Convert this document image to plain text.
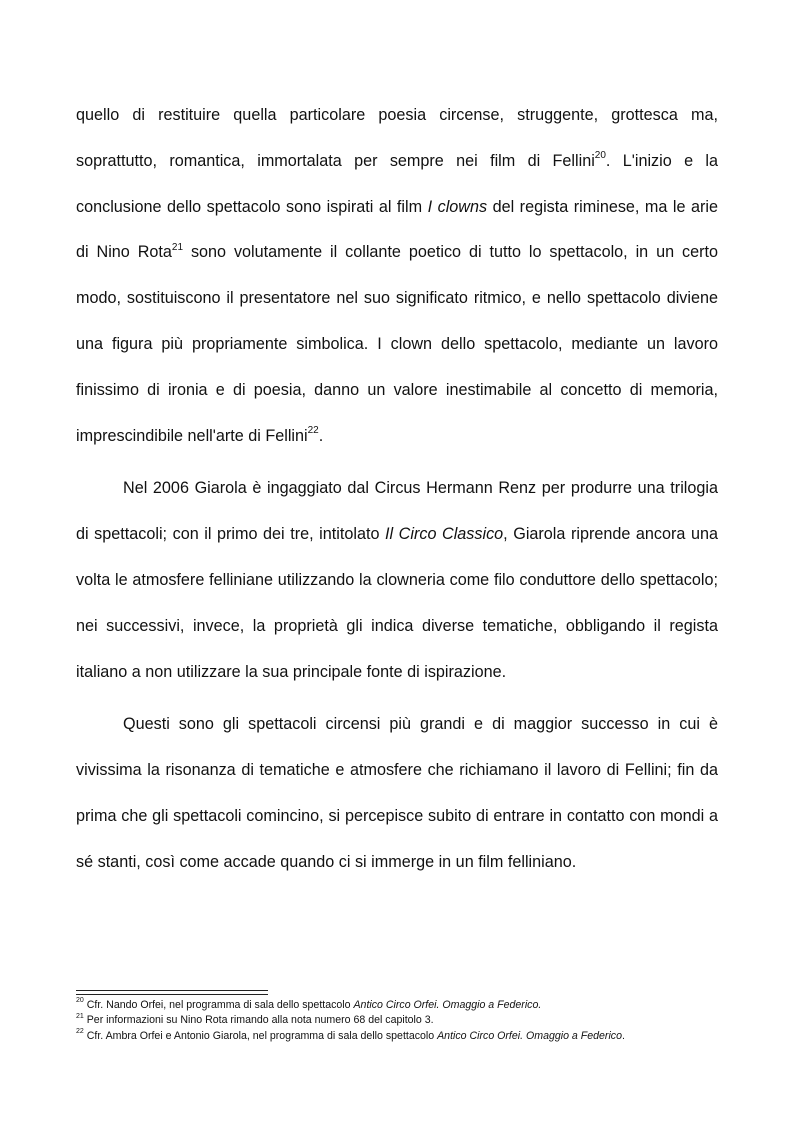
quello di restituire quella particolare poesia circense, struggente, grottesca ma, soprattutto, romantica, immortalata per sempre nei film di Fellini$^{20}$. L'inizio e la conclusione dello spettacolo sono ispirati al film I clowns del regista riminese, ma le arie di Nino Rota$^{21}$ sono volutamente il collante poetico di tutto lo spettacolo, in un certo modo, sostituiscono il presentatore nel suo significato ritmico, e nello spettacolo diviene una figura più propriamente simbolica. I clown dello spettacolo, mediante un lavoro finissimo di ironia e di poesia, danno un valore inestimabile al concetto di memoria, imprescindibile nell'arte di Fellini$^{22}$.

Nel 2006 Giarola è ingaggiato dal Circus Hermann Renz per produrre una trilogia di spettacoli; con il primo dei tre, intitolato Il Circo Classico, Giarola riprende ancora una volta le atmosfere felliniane utilizzando la clowneria come filo conduttore dello spettacolo; nei successivi, invece, la proprietà gli indica diverse tematiche, obbligando il regista italiano a non utilizzare la sua principale fonte di ispirazione.

Questi sono gli spettacoli circensi più grandi e di maggior successo in cui è vivissima la risonanza di tematiche e atmosfere che richiamano il lavoro di Fellini; fin da prima che gli spettacoli comincino, si percepisce subito di entrare in contatto con mondi a sé stanti, così come accade quando ci si immerge in un film felliniano.

$^{20}$ Cfr. Nando Orfei, nel programma di sala dello spettacolo Antico Circo Orfei. Omaggio a Federico.

$^{21}$ Per informazioni su Nino Rota rimando alla nota numero 68 del capitolo 3.

$^{22}$ Cfr. Ambra Orfei e Antonio Giarola, nel programma di sala dello spettacolo Antico Circo Orfei. Omaggio a Federico.
